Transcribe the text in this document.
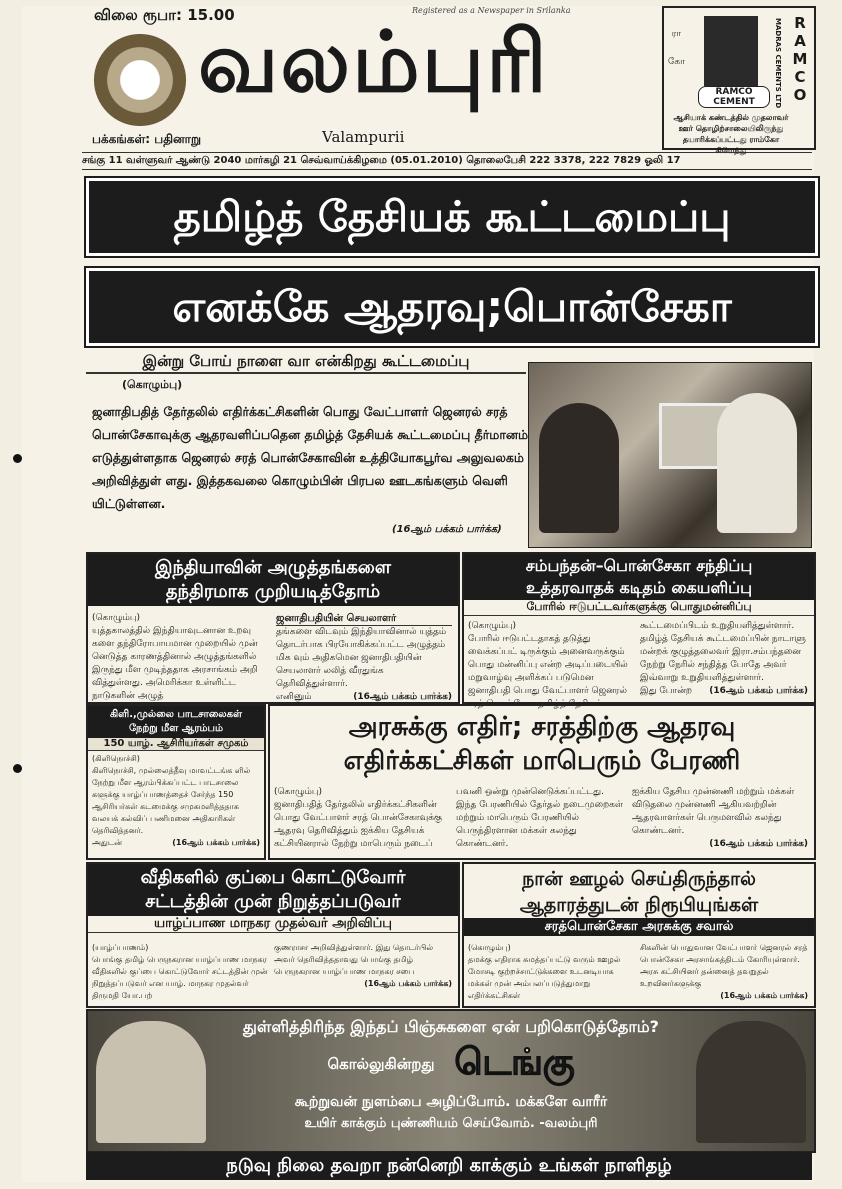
விலை ரூபா: 15.00	Registered as a Newspaper in Srilanka
வலம்புரி
பக்கங்கள்: பதினாறு	Valampurii
ரா
கோ	MADRAS CEMENTS LTD RAMCO
RAMCO CEMENT
ஆசியாக் கண்டத்தில் முதலாவர்
ஊர் தொழிற்சாலையிலிருந்து
தயாரிக்கப்பட்டது ராம்கோ சிமெந்து
சங்கு 11 வள்ளுவர் ஆண்டு 2040 மார்கழி 21 செவ்வாய்க்கிழமை (05.01.2010) தொலைபேசி 222 3378, 222 7829 ஓலி 17
தமிழ்த் தேசியக் கூட்டமைப்பு
எனக்கே ஆதரவு;பொன்சேகா
இன்று போய் நாளை வா என்கிறது கூட்டமைப்பு
(கொழும்பு)
ஜனாதிபதித் தேர்தலில் எதிர்க்கட்சிகளின் பொது வேட்பாளர் ஜெனரல் சரத் பொன்சேகாவுக்கு ஆதரவளிப்பதென தமிழ்த் தேசியக் கூட்டமைப்பு தீர்மானம் எடுத்துள்ளதாக ஜெனரல் சரத் பொன்சேகாவின் உத்தியோகபூர்வ அலுவலகம் அறிவித்துள் ளது. இத்தகவலை கொழும்பின் பிரபல ஊடகங்களும் வெளி யிட்டுள்ளன.
(16ஆம் பக்கம் பார்க்க)
இந்தியாவின் அழுத்தங்களை
தந்திரமாக முறியடித்தோம்
(கொழும்பு)
யுத்தகாலத்தில் இந்தியாவுடனான உறவு களை தந்திரோபாயமான முறையில் முன் னெடுத்த காரணத்தினால் அழுத்தங்களில் இருந்து மீள முடிந்ததாக அரசாங்கம் அறி வித்துள்ளது. அமெரிக்கா உள்ளிட்ட நாடுகளின் அழுத்
ஜனாதிபதியின் செயலாளர்
தங்களை விடவும் இந்தியாவினால் யுத்தம் தொடர்பாக பிரயோகிக்கப்பட்ட அழுத்தம் மிக வும் அதிகமென ஜனாதிபதியின் செயலாளர் லலித் வீரதுங்க தெரிவித்துள்ளார்.
எனினும்	(16ஆம் பக்கம் பார்க்க)
சம்பந்தன்–பொன்சேகா சந்திப்பு
உத்தரவாதக் கடிதம் கையளிப்பு
போரில் ஈடுபட்டவர்களுக்கு பொதுமன்னிப்பு
(கொழும்பு)
போரில் ஈடுபட்டதாகத் தடுத்து வைக்கப்பட் டிருக்கும் அனைவருக்கும் பொது மன்னிப்பு என்ற அடிப்படையில் மறுவாழ்வு அளிக்கப் படுமென ஜனாதிபதி பொது வேட்பாளர் ஜெனரல் சரத் பொன்சேகா தமிழ்த் தேசியக்
கூட்டமைப்பிடம் உறுதியளித்துள்ளார். தமிழ்த் தேசியக் கூட்டமைப்பின் நாடாளு மன்றக் குழுத்தலைவர் இரா.சம்பந்தனை நேற்று நேரில் சந்தித்த போதே அவர் இவ்வாறு உறுதியளித்துள்ளார்.
இது போன்ற (16ஆம் பக்கம் பார்க்க)
கிளி.,முல்லை பாடசாலைகள்
நேற்று மீள ஆரம்பம்
150 யாழ். ஆசிரியர்கள் சமுகம்
(கிளிநொச்சி)
கிளிநொச்சி, முல்லைத்தீவு மாவட்டங்க ளில் நேற்று மீள ஆரம்பிக்கப்பட்ட பாடசாலை களுக்கு யாழ்ப்பாணத்தைச் சேர்ந்த 150 ஆசிரியர்கள் கடமைக்கு சமுகமளித்ததாக வலயக் கல்விப் பணிமனை அதிகாரிகள் தெரிவித்தனர்.
அதுடன்	(16ஆம் பக்கம் பார்க்க)
அரசுக்கு எதிர்; சரத்திற்கு ஆதரவு
எதிர்க்கட்சிகள் மாபெரும் பேரணி
(கொழும்பு)
ஜனாதிபதித் தேர்தலில் எதிர்க்கட்சிகளின் பொது வேட்பாளர் சரத் பொன்சேகாவுக்கு ஆதரவு தெரிவித்தும் ஐக்கிய தேசியக் கட்சியினரால் நேற்று மாபெரும் நடைப்
பவனி ஒன்று முன்னெடுக்கப்பட்டது. இந்த பேரணியில் தேர்தல் நடைமுறைகள் மற்றும் மாபெரும் பேரணியில் பெருந்திரளான மக்கள் கலந்து கொண்டனர்.
ஐக்கிய தேசிய முன்னணி மற்றும் மக்கள் விடுதலை முன்னணி ஆகியவற்றின் ஆதரவாளர்கள் பெருமளவில் கலந்து கொண்டனர்.
(16ஆம் பக்கம் பார்க்க)
வீதிகளில் குப்பை கொட்டுவோர்
சட்டத்தின் முன் நிறுத்தப்படுவர்
யாழ்ப்பாண மாநகர முதல்வர் அறிவிப்பு
(யாழ்ப்பாணம்)
பொங்கு தமிழ் பெருநகரான யாழ்ப்பாண மாநகர வீதிகளில் குப்பை கொட்டுவோர் சட்டத்தின் முன் நிறுத்தப்படுவர் என யாழ். மாநகர முதல்வர் திருமதி யோ.பற்
குணராசா அறிவித்துள்ளார். இது தொடர்பில் அவர் தெரிவித்ததாவது பொங்கு தமிழ் பெருநகரான யாழ்ப்பாண மாநகர சபை
(16ஆம் பக்கம் பார்க்க)
நான் ஊழல் செய்திருந்தால்
ஆதாரத்துடன் நிரூபியுங்கள்
சரத்பொன்சேகா அரசுக்கு சவால்
(கொழும்பு)
தமக்கு எதிராக சுமத்தப்பட்டு வரும் ஊழல் மோசடி குற்றச்சாட்டுக்களை உடனடியாக மக்கள் முன் அம்பலப்படுத்துமாறு எதிர்க்கட்சிகள்
சிகளின் பொதுவான வேட்பாளர் ஜெனரல் சரத் பொன்சேகா அரசாங்கத்திடம் கோரியுள்ளார். அரசு கட்சியினர் தன்னைத் தவறுதல் உறவினர்களுக்கு
(16ஆம் பக்கம் பார்க்க)
துள்ளித்திரிந்த இந்தப் பிஞ்சுகளை ஏன் பறிகொடுத்தோம்?
கொல்லுகின்றது டெங்கு
கூற்றுவன் நுளம்பை அழிப்போம். மக்களே வாரீர்
உயிர் காக்கும் புண்ணியம் செய்வோம். -வலம்புரி
நடுவு நிலை தவறா நன்னெறி காக்கும் உங்கள் நாளிதழ்
